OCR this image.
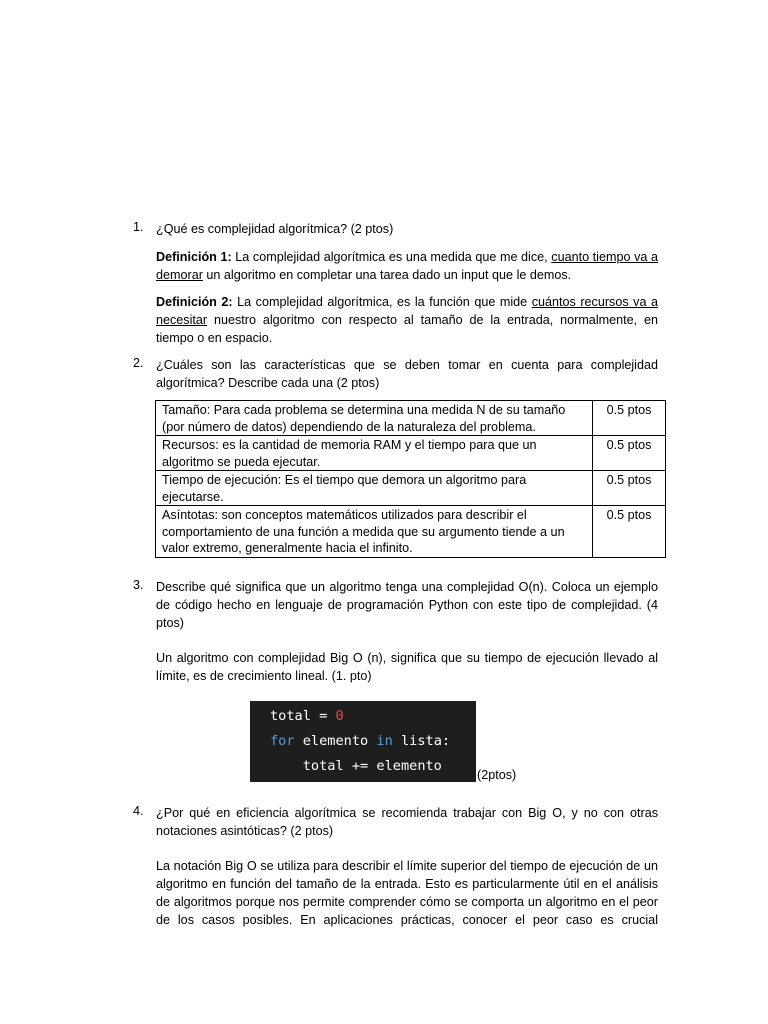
1. ¿Qué es complejidad algorítmica? (2 ptos)
Definición 1: La complejidad algorítmica es una medida que me dice, cuanto tiempo va a demorar un algoritmo en completar una tarea dado un input que le demos.
Definición 2: La complejidad algorítmica, es la función que mide cuántos recursos va a necesitar nuestro algoritmo con respecto al tamaño de la entrada, normalmente, en tiempo o en espacio.
2. ¿Cuáles son las características que se deben tomar en cuenta para complejidad algorítmica? Describe cada una (2 ptos)
Tamaño: Para cada problema se determina una medida N de su tamaño (por número de datos) dependiendo de la naturaleza del problema.	0.5 ptos
Recursos: es la cantidad de memoria RAM y el tiempo para que un algoritmo se pueda ejecutar.	0.5 ptos
Tiempo de ejecución: Es el tiempo que demora un algoritmo para ejecutarse.	0.5 ptos
Asíntotas: son conceptos matemáticos utilizados para describir el comportamiento de una función a medida que su argumento tiende a un valor extremo, generalmente hacia el infinito.	0.5 ptos
3. Describe qué significa que un algoritmo tenga una complejidad O(n). Coloca un ejemplo de código hecho en lenguaje de programación Python con este tipo de complejidad. (4 ptos)
Un algoritmo con complejidad Big O (n), significa que su tiempo de ejecución llevado al límite, es de crecimiento lineal. (1. pto)
total = 0
for elemento in lista:
total += elemento
(2ptos)
4. ¿Por qué en eficiencia algorítmica se recomienda trabajar con Big O, y no con otras notaciones asintóticas? (2 ptos)
La notación Big O se utiliza para describir el límite superior del tiempo de ejecución de un algoritmo en función del tamaño de la entrada. Esto es particularmente útil en el análisis de algoritmos porque nos permite comprender cómo se comporta un algoritmo en el peor de los casos posibles. En aplicaciones prácticas, conocer el peor caso es crucial
